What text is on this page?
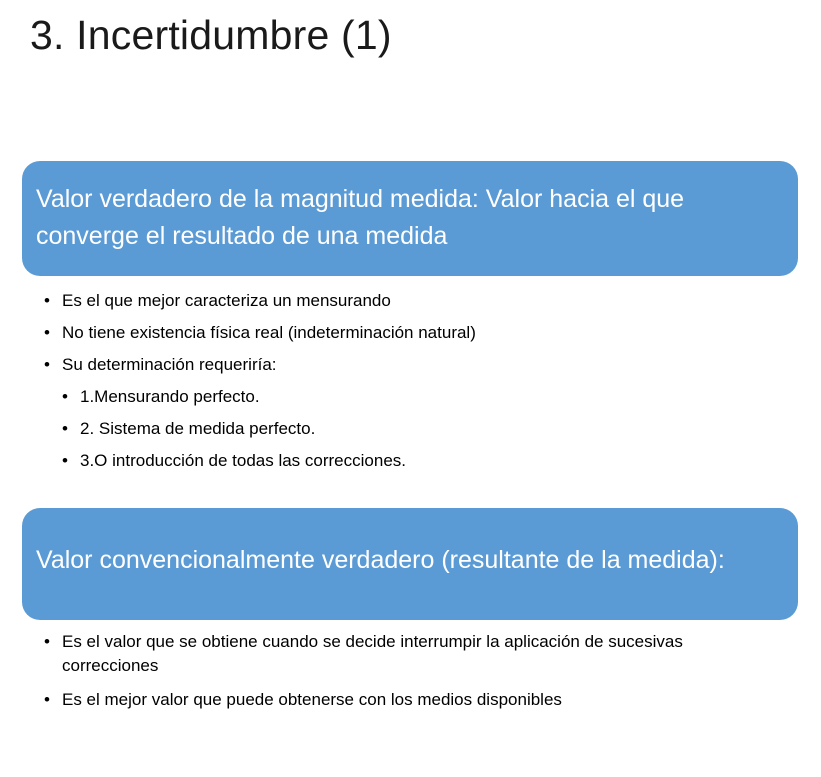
3. Incertidumbre (1)
Valor verdadero de la magnitud medida: Valor hacia el que converge el resultado de una medida
• Es el que mejor caracteriza un mensurando
• No tiene existencia física real (indeterminación natural)
• Su determinación requeriría:
• 1.Mensurando perfecto.
• 2. Sistema de medida perfecto.
• 3.O introducción de todas las correcciones.
Valor convencionalmente verdadero (resultante de la medida):
• Es el valor que se obtiene cuando se decide interrumpir la aplicación de sucesivas correcciones
• Es el mejor valor que puede obtenerse con los medios disponibles
